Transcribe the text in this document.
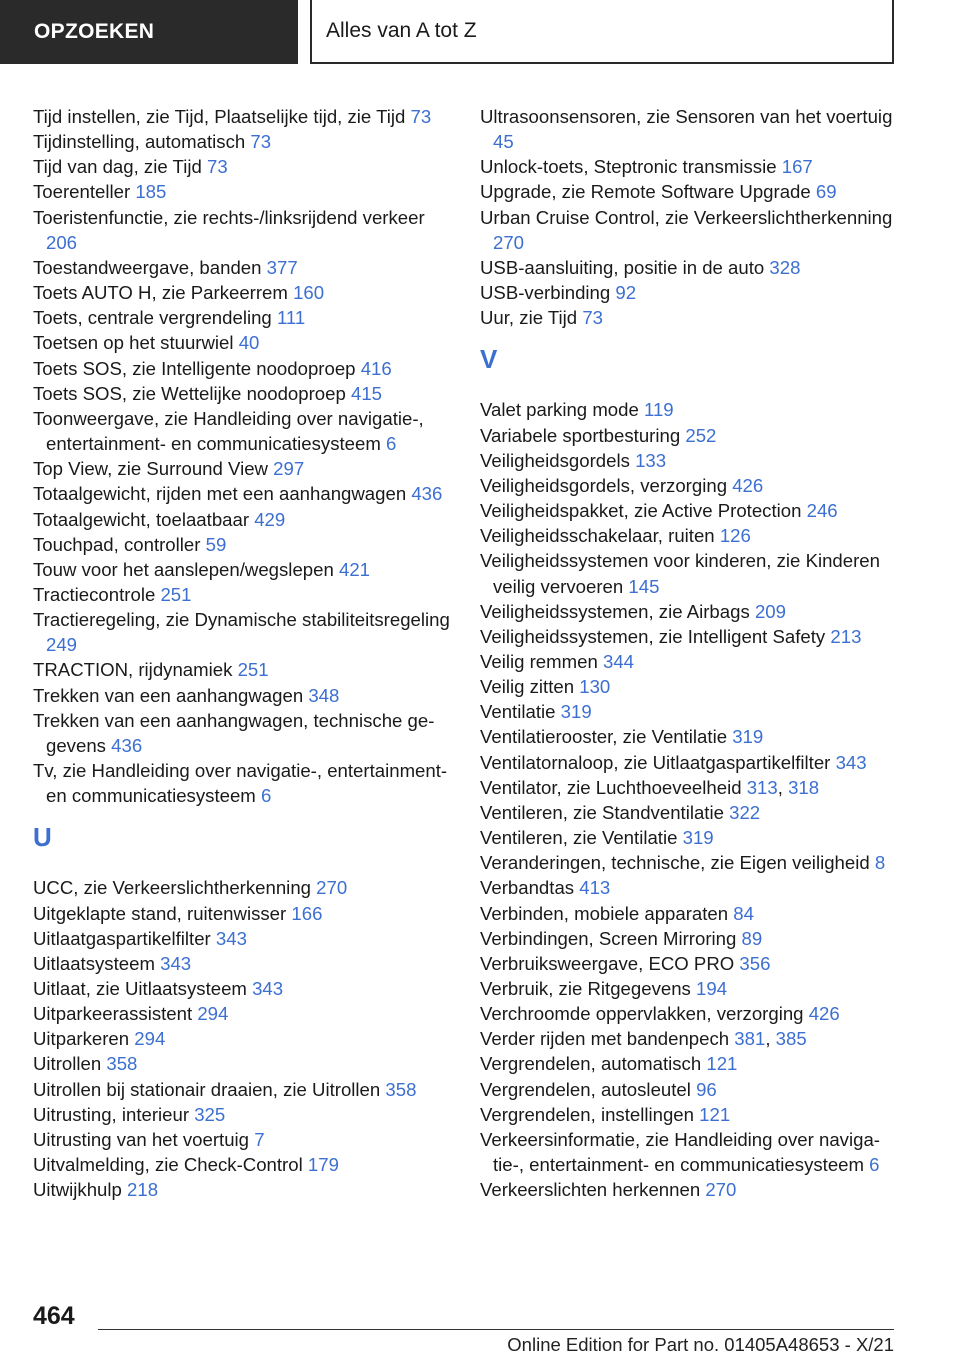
OPZOEKEN	Alles van A tot Z
Tijd instellen, zie Tijd, Plaatselijke tijd, zie Tijd 73
Tijdinstelling, automatisch 73
Tijd van dag, zie Tijd 73
Toerenteller 185
Toeristenfunctie, zie rechts-/linksrijdend verkeer 206
Toestandweergave, banden 377
Toets AUTO H, zie Parkeerrem 160
Toets, centrale vergrendeling 111
Toetsen op het stuurwiel 40
Toets SOS, zie Intelligente noodoproep 416
Toets SOS, zie Wettelijke noodoproep 415
Toonweergave, zie Handleiding over navigatie-, entertainment- en communicatiesysteem 6
Top View, zie Surround View 297
Totaalgewicht, rijden met een aanhangwagen 436
Totaalgewicht, toelaatbaar 429
Touchpad, controller 59
Touw voor het aanslepen/wegslepen 421
Tractiecontrole 251
Tractieregeling, zie Dynamische stabiliteitsregeling 249
TRACTION, rijdynamiek 251
Trekken van een aanhangwagen 348
Trekken van een aanhangwagen, technische gegevens 436
Tv, zie Handleiding over navigatie-, entertainment- en communicatiesysteem 6
U
UCC, zie Verkeerslichtherkenning 270
Uitgeklapte stand, ruitenwisser 166
Uitlaatgaspartikelfilter 343
Uitlaatsysteem 343
Uitlaat, zie Uitlaatsysteem 343
Uitparkeerassistent 294
Uitparkeren 294
Uitrollen 358
Uitrollen bij stationair draaien, zie Uitrollen 358
Uitrusting, interieur 325
Uitrusting van het voertuig 7
Uitvalmelding, zie Check-Control 179
Uitwijkhulp 218
Ultrasoonsensoren, zie Sensoren van het voertuig 45
Unlock-toets, Steptronic transmissie 167
Upgrade, zie Remote Software Upgrade 69
Urban Cruise Control, zie Verkeerslichtherkenning 270
USB-aansluiting, positie in de auto 328
USB-verbinding 92
Uur, zie Tijd 73
V
Valet parking mode 119
Variabele sportbesturing 252
Veiligheidsgordels 133
Veiligheidsgordels, verzorging 426
Veiligheidspakket, zie Active Protection 246
Veiligheidsschakelaar, ruiten 126
Veiligheidssystemen voor kinderen, zie Kinderen veilig vervoeren 145
Veiligheidssystemen, zie Airbags 209
Veiligheidssystemen, zie Intelligent Safety 213
Veilig remmen 344
Veilig zitten 130
Ventilatie 319
Ventilatierooster, zie Ventilatie 319
Ventilatornaloop, zie Uitlaatgaspartikelfilter 343
Ventilator, zie Luchthoeveelheid 313, 318
Ventileren, zie Standventilatie 322
Ventileren, zie Ventilatie 319
Veranderingen, technische, zie Eigen veiligheid 8
Verbandtas 413
Verbinden, mobiele apparaten 84
Verbindingen, Screen Mirroring 89
Verbruiksweergave, ECO PRO 356
Verbruik, zie Ritgegevens 194
Verchroomde oppervlakken, verzorging 426
Verder rijden met bandenpech 381, 385
Vergrendelen, automatisch 121
Vergrendelen, autosleutel 96
Vergrendelen, instellingen 121
Verkeersinformatie, zie Handleiding over navigatie-, entertainment- en communicatiesysteem 6
Verkeerslichten herkennen 270
464
Online Edition for Part no. 01405A48653 - X/21
